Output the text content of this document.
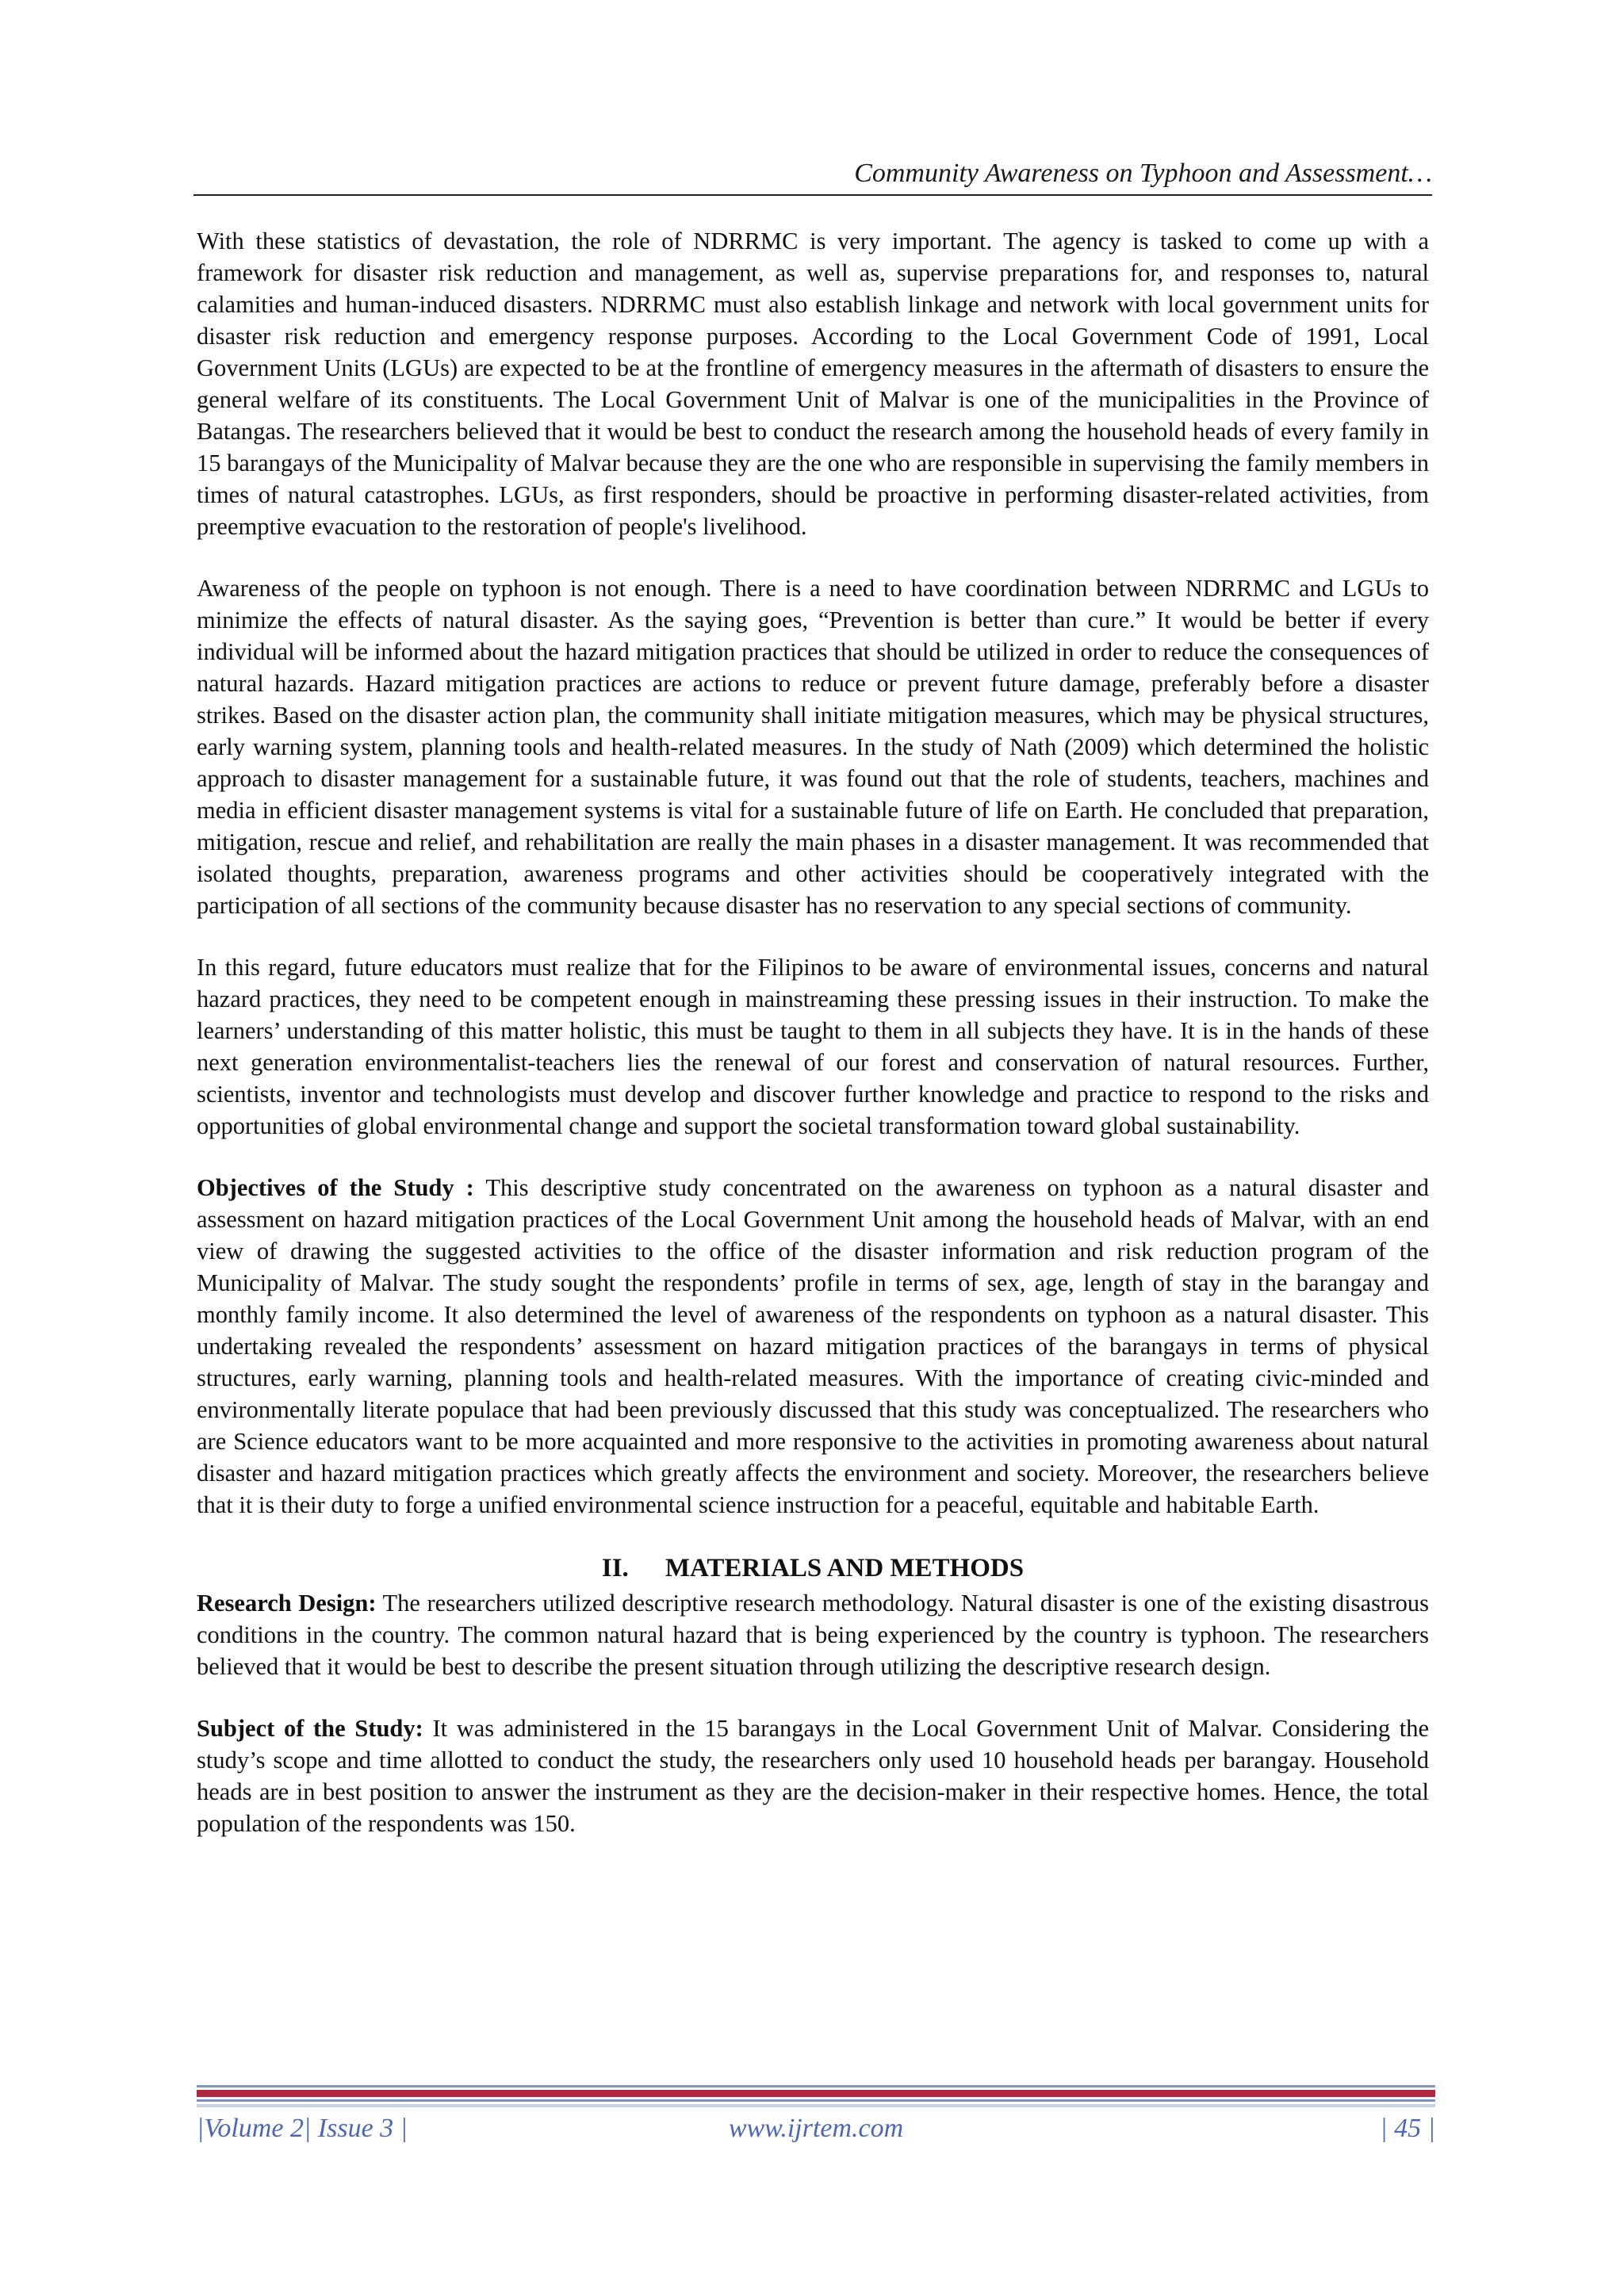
Community Awareness on Typhoon and Assessment…

With these statistics of devastation, the role of NDRRMC is very important. The agency is tasked to come up with a framework for disaster risk reduction and management, as well as, supervise preparations for, and responses to, natural calamities and human-induced disasters. NDRRMC must also establish linkage and network with local government units for disaster risk reduction and emergency response purposes. According to the Local Government Code of 1991, Local Government Units (LGUs) are expected to be at the frontline of emergency measures in the aftermath of disasters to ensure the general welfare of its constituents. The Local Government Unit of Malvar is one of the municipalities in the Province of Batangas. The researchers believed that it would be best to conduct the research among the household heads of every family in 15 barangays of the Municipality of Malvar because they are the one who are responsible in supervising the family members in times of natural catastrophes. LGUs, as first responders, should be proactive in performing disaster-related activities, from preemptive evacuation to the restoration of people's livelihood.

Awareness of the people on typhoon is not enough. There is a need to have coordination between NDRRMC and LGUs to minimize the effects of natural disaster. As the saying goes, “Prevention is better than cure.” It would be better if every individual will be informed about the hazard mitigation practices that should be utilized in order to reduce the consequences of natural hazards. Hazard mitigation practices are actions to reduce or prevent future damage, preferably before a disaster strikes. Based on the disaster action plan, the community shall initiate mitigation measures, which may be physical structures, early warning system, planning tools and health-related measures. In the study of Nath (2009) which determined the holistic approach to disaster management for a sustainable future, it was found out that the role of students, teachers, machines and media in efficient disaster management systems is vital for a sustainable future of life on Earth. He concluded that preparation, mitigation, rescue and relief, and rehabilitation are really the main phases in a disaster management. It was recommended that isolated thoughts, preparation, awareness programs and other activities should be cooperatively integrated with the participation of all sections of the community because disaster has no reservation to any special sections of community.

In this regard, future educators must realize that for the Filipinos to be aware of environmental issues, concerns and natural hazard practices, they need to be competent enough in mainstreaming these pressing issues in their instruction. To make the learners’ understanding of this matter holistic, this must be taught to them in all subjects they have. It is in the hands of these next generation environmentalist-teachers lies the renewal of our forest and conservation of natural resources. Further, scientists, inventor and technologists must develop and discover further knowledge and practice to respond to the risks and opportunities of global environmental change and support the societal transformation toward global sustainability.

Objectives of the Study : This descriptive study concentrated on the awareness on typhoon as a natural disaster and assessment on hazard mitigation practices of the Local Government Unit among the household heads of Malvar, with an end view of drawing the suggested activities to the office of the disaster information and risk reduction program of the Municipality of Malvar. The study sought the respondents’ profile in terms of sex, age, length of stay in the barangay and monthly family income. It also determined the level of awareness of the respondents on typhoon as a natural disaster. This undertaking revealed the respondents’ assessment on hazard mitigation practices of the barangays in terms of physical structures, early warning, planning tools and health-related measures. With the importance of creating civic-minded and environmentally literate populace that had been previously discussed that this study was conceptualized. The researchers who are Science educators want to be more acquainted and more responsive to the activities in promoting awareness about natural disaster and hazard mitigation practices which greatly affects the environment and society. Moreover, the researchers believe that it is their duty to forge a unified environmental science instruction for a peaceful, equitable and habitable Earth.

II. MATERIALS AND METHODS

Research Design: The researchers utilized descriptive research methodology. Natural disaster is one of the existing disastrous conditions in the country. The common natural hazard that is being experienced by the country is typhoon. The researchers believed that it would be best to describe the present situation through utilizing the descriptive research design.

Subject of the Study: It was administered in the 15 barangays in the Local Government Unit of Malvar. Considering the study’s scope and time allotted to conduct the study, the researchers only used 10 household heads per barangay. Household heads are in best position to answer the instrument as they are the decision-maker in their respective homes. Hence, the total population of the respondents was 150.

|Volume 2| Issue 3 |	www.ijrtem.com	| 45 |
